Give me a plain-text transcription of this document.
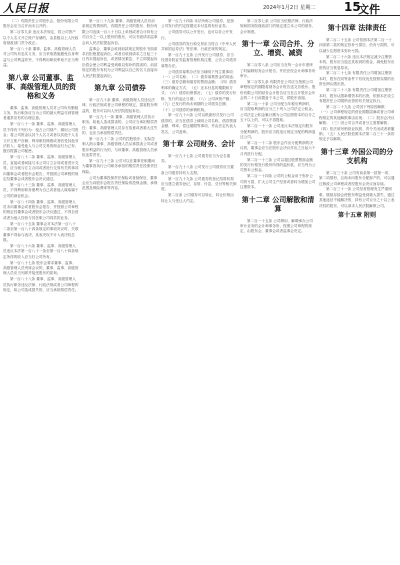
人民日报	2024年1月2日 星期二 15
文件

（二）有限责任公司股东会、股份有限公司股东会应当召开而未召开的；

第二百零九条 违反本法规定，将公司资产以个人名义开立账户存储的，由县级以上人民政府财政部门责令改正。

第一百八十条 董事、监事、高级管理人员对公司负有忠实义务，应当采取措施避免自身利益与公司利益冲突，不得利用职权牟取不正当利益。

第八章 公司董事、监事、高级管理人员的资格和义务

董事、监事、高级管理人员对公司负有勤勉义务，执行职务应当为公司的最大利益尽到管理者通常应有的合理注意。

第一百八十一条 董事、监事、高级管理人员不得有下列行为：侵占公司财产、挪用公司资金；将公司资金以其个人名义或者以其他个人名义开立账户存储；利用职权贿赂或者收受其他非法收入；接受他人与公司交易的佣金归为己有；擅自披露公司秘密。

第一百八十二条 董事、监事、高级管理人员，直接或者间接与本公司订立合同或者进行交易，应当就与订立合同或者进行交易有关的事项向董事会或者股东会报告，并按照公司章程的规定经董事会或者股东会决议通过。

第一百八十三条 董事、监事、高级管理人员，不得利用职务便利为自己或者他人谋取属于公司的商业机会。

第一百八十四条 董事、监事、高级管理人员未向董事会或者股东会报告，并按照公司章程的规定经董事会或者股东会决议通过，不得自营或者为他人经营与其任职公司同类的业务。

第一百八十五条 董事会对本法第一百八十二条至第一百八十四条规定的事项决议时，关联董事不得参与表决，其表决权不计入表决权总数。

第一百八十六条 董事、监事、高级管理人员违反本法第一百八十一条至第一百八十四条规定所得的收入应当归公司所有。

第一百八十七条 股东会要求董事、监事、高级管理人员列席会议的，董事、监事、高级管理人员应当列席并接受股东的质询。

第一百八十八条 董事、监事、高级管理人员执行职务违反法律、行政法规或者公司章程的规定，给公司造成损失的，应当承担赔偿责任。

第一百八十九条 董事、高级管理人员有前条规定的情形的，有限责任公司的股东、股份有限公司连续一百八十日以上单独或者合计持有公司百分之一以上股份的股东，可以书面请求监事会向人民法院提起诉讼。

监事会、董事会收到前款规定的股东书面请求后拒绝提起诉讼，或者自收到请求之日起三十日内未提起诉讼，或者情况紧急、不立即提起诉讼将会使公司利益受到难以弥补的损害的，前款规定的股东有权为公司利益以自己的名义直接向人民法院提起诉讼。

第九章 公司债券

第一百九十条 董事、高级管理人员违反法律、行政法规或者公司章程的规定，损害股东利益的，股东可以向人民法院提起诉讼。

第一百九十一条 董事、高级管理人员执行职务，给他人造成损害的，公司应当承担赔偿责任；董事、高级管理人员存在故意或者重大过失的，也应当承担赔偿责任。

第一百九十二条 公司的控股股东、实际控制人指示董事、高级管理人员从事损害公司或者股东利益的行为的，与该董事、高级管理人员承担连带责任。

第一百九十三条 公司可以在董事任职期间为董事因执行公司职务承担的赔偿责任投保责任保险。

公司为董事投保责任保险或者续保后，董事会应当向股东会报告责任保险的投保金额、承保范围及保险费率等内容。

第一百九十四条 本法所称公司债券，是指公司发行的约定按期还本付息的有价证券。

公司债券可以公开发行，也可以非公开发行。

公司债券的发行和交易应当符合《中华人民共和国证券法》等法律、行政法规的规定。

第一百九十五条 公开发行公司债券，应当经国务院证券监督管理机构注册，公告公司债券募集办法。

公司债券募集办法应当载明下列主要事项：（一）公司名称；（二）债券募集资金的用途；（三）债券总额和债券的票面金额；（四）债券利率的确定方式；（五）还本付息的期限和方式；（六）债券担保情况；（七）债券的发行价格、发行的起止日期；（八）公司净资产额；（九）已发行的尚未到期的公司债券总额；（十）公司债券的承销机构。

第一百九十六条 公司以纸面形式发行公司债券的，应当在债券上载明公司名称、债券票面金额、利率、偿还期限等事项，并由法定代表人签名，公司盖章。

第十章 公司财务、会计

第一百九十七条 公司债券应当为记名债券。

第一百九十八条 公司发行公司债券应当置备公司债券持有人名册。

第一百九十九条 公司债券的登记结算机构应当建立债券登记、存管、付息、兑付等相关制度。

第二百条 公司债券可以转让，转让价格由转让人与受让人约定。

第二百零七条 公司应当依照法律、行政法规和国务院财政部门的规定建立本公司的财务、会计制度。

第十一章 公司合并、分立、增资、减资

第二百零八条 公司应当在每一会计年度终了时编制财务会计报告，并依法经会计师事务所审计。

第二百零九条 有限责任公司应当按照公司章程规定的期限将财务会计报告送交各股东。股份有限公司的财务会计报告应当在召开股东会年会的二十日前置备于本公司，供股东查阅。

第二百一十条 公司分配当年税后利润时，应当提取利润的百分之十列入公司法定公积金。公司法定公积金累计额为公司注册资本的百分之五十以上的，可以不再提取。

第二百一十一条 公司违反本法规定向股东分配利润的，股东应当将违反规定分配的利润退还公司。

第二百一十二条 股东会作出分配利润的决议的，董事会应当在股东会决议作出之日起六个月内进行分配。

第二百一十三条 公司以超过股票票面金额的发行价格发行股份所得的溢价款，应当列为公司资本公积金。

第二百一十四条 公司的公积金用于弥补公司的亏损、扩大公司生产经营或者转为增加公司注册资本。

第十二章 公司解散和清算

第二百一十五条 公司聘用、解聘承办公司审计业务的会计师事务所，按照公司章程的规定，由股东会、董事会或者监事会决定。

第十四章 法律责任

第二百二十五条 公司依照本法第二百一十四条第二款的规定弥补亏损后，仍有亏损的，可以减少注册资本弥补亏损。

第二百二十六条 违反本法规定减少注册资本的，股东应当退还其收到的资金，减免股东出资的应当恢复原状。

第二百二十七条 有限责任公司增加注册资本时，股东在同等条件下有权优先按照实缴的出资比例认缴出资。

第二百二十八条 有限责任公司增加注册资本时，股东认缴新增资本的出资，依照本法设立有限责任公司缴纳出资的有关规定执行。

第二百二十九条 公司因下列原因解散：（一）公司章程规定的营业期限届满或者公司章程规定的其他解散事由出现；（二）股东会决议解散；（三）因公司合并或者分立需要解散；（四）依法被吊销营业执照、责令关闭或者被撤销；（五）人民法院依照本法第二百三十一条的规定予以解散。

第十三章 外国公司的分支机构

第二百三十条 公司有前条第一款第一项、第二项情形，且尚未向股东分配财产的，可以通过修改公司章程或者经股东会决议而存续。

第二百三十一条 公司经营管理发生严重困难，继续存续会使股东利益受到重大损失，通过其他途径不能解决的，持有公司百分之十以上表决权的股东，可以请求人民法院解散公司。

第十五章 附则
